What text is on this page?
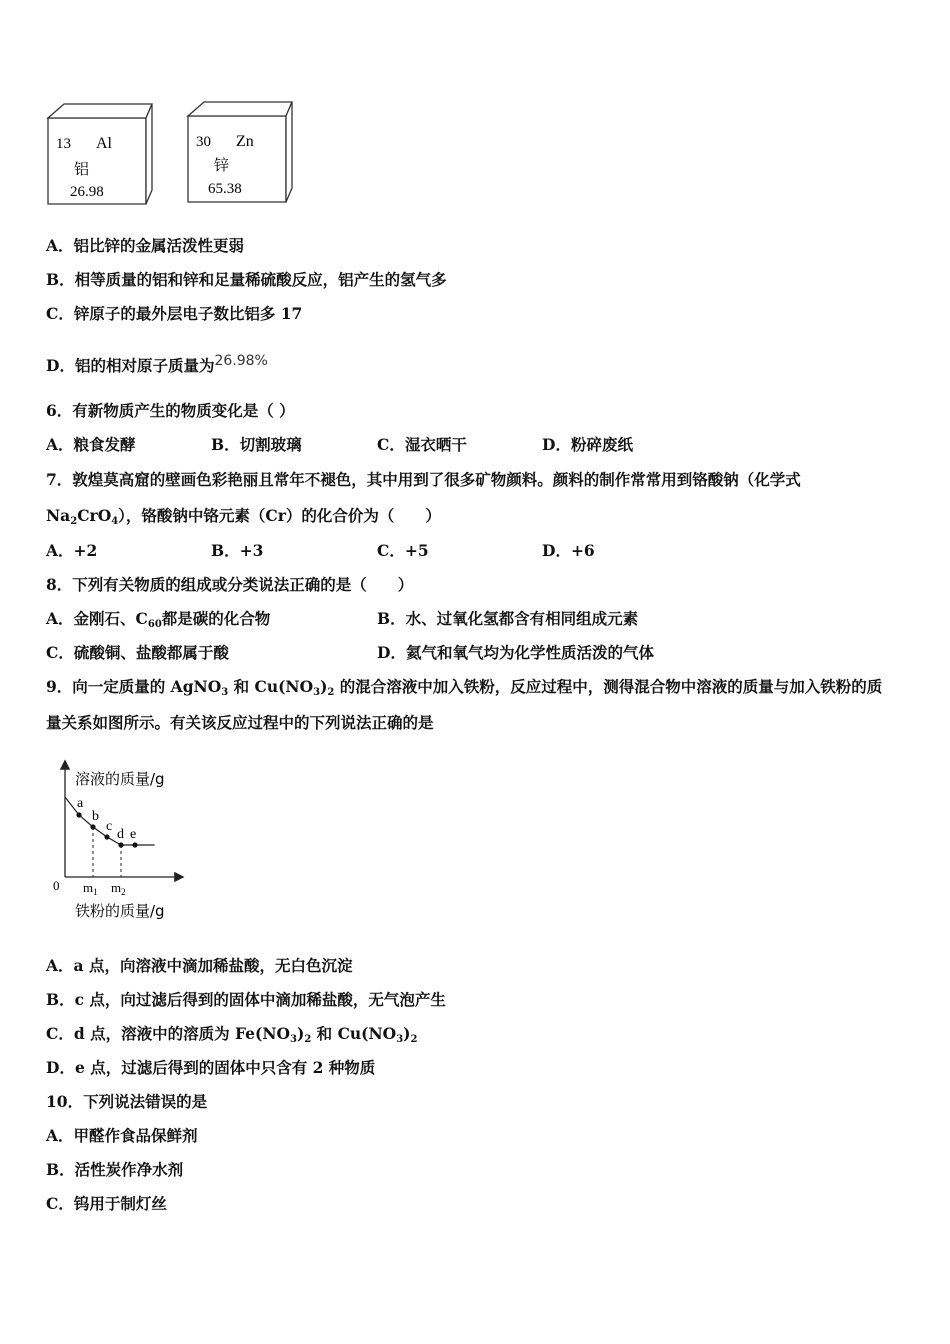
13 Al
铝
26.98
30 Zn
锌
65.38
A．铝比锌的金属活泼性更弱
B．相等质量的铝和锌和足量稀硫酸反应，铝产生的氢气多
C．锌原子的最外层电子数比铝多 17
D．铝的相对原子质量为26.98%
6．有新物质产生的物质变化是（ ）
A．粮食发酵	B．切割玻璃	C．湿衣晒干	D．粉碎废纸
7．敦煌莫高窟的壁画色彩艳丽且常年不褪色，其中用到了很多矿物颜料。颜料的制作常常用到铬酸钠（化学式
$Na_2CrO_4$），铬酸钠中铬元素（Cr）的化合价为（　　）
A．+2	B．+3	C．+5	D．+6
8．下列有关物质的组成或分类说法正确的是（　　）
A．金刚石、$C_{60}$都是碳的化合物	B．水、过氧化氢都含有相同组成元素
C．硫酸铜、盐酸都属于酸	D．氦气和氧气均为化学性质活泼的气体
9．向一定质量的 AgNO$_3$ 和 $Cu(NO_3)_2$ 的混合溶液中加入铁粉，反应过程中，测得混合物中溶液的质量与加入铁粉的质
量关系如图所示。有关该反应过程中的下列说法正确的是
溶液的质量/g
铁粉的质量/g
0 $m_1$ $m_2$
a
b
c
d e
A．a 点，向溶液中滴加稀盐酸，无白色沉淀
B．c 点，向过滤后得到的固体中滴加稀盐酸，无气泡产生
C．d 点，溶液中的溶质为 $Fe(NO_3)_2$ 和 $Cu(NO_3)_2$
D．e 点，过滤后得到的固体中只含有 2 种物质
10．下列说法错误的是
A．甲醛作食品保鲜剂
B．活性炭作净水剂
C．钨用于制灯丝
